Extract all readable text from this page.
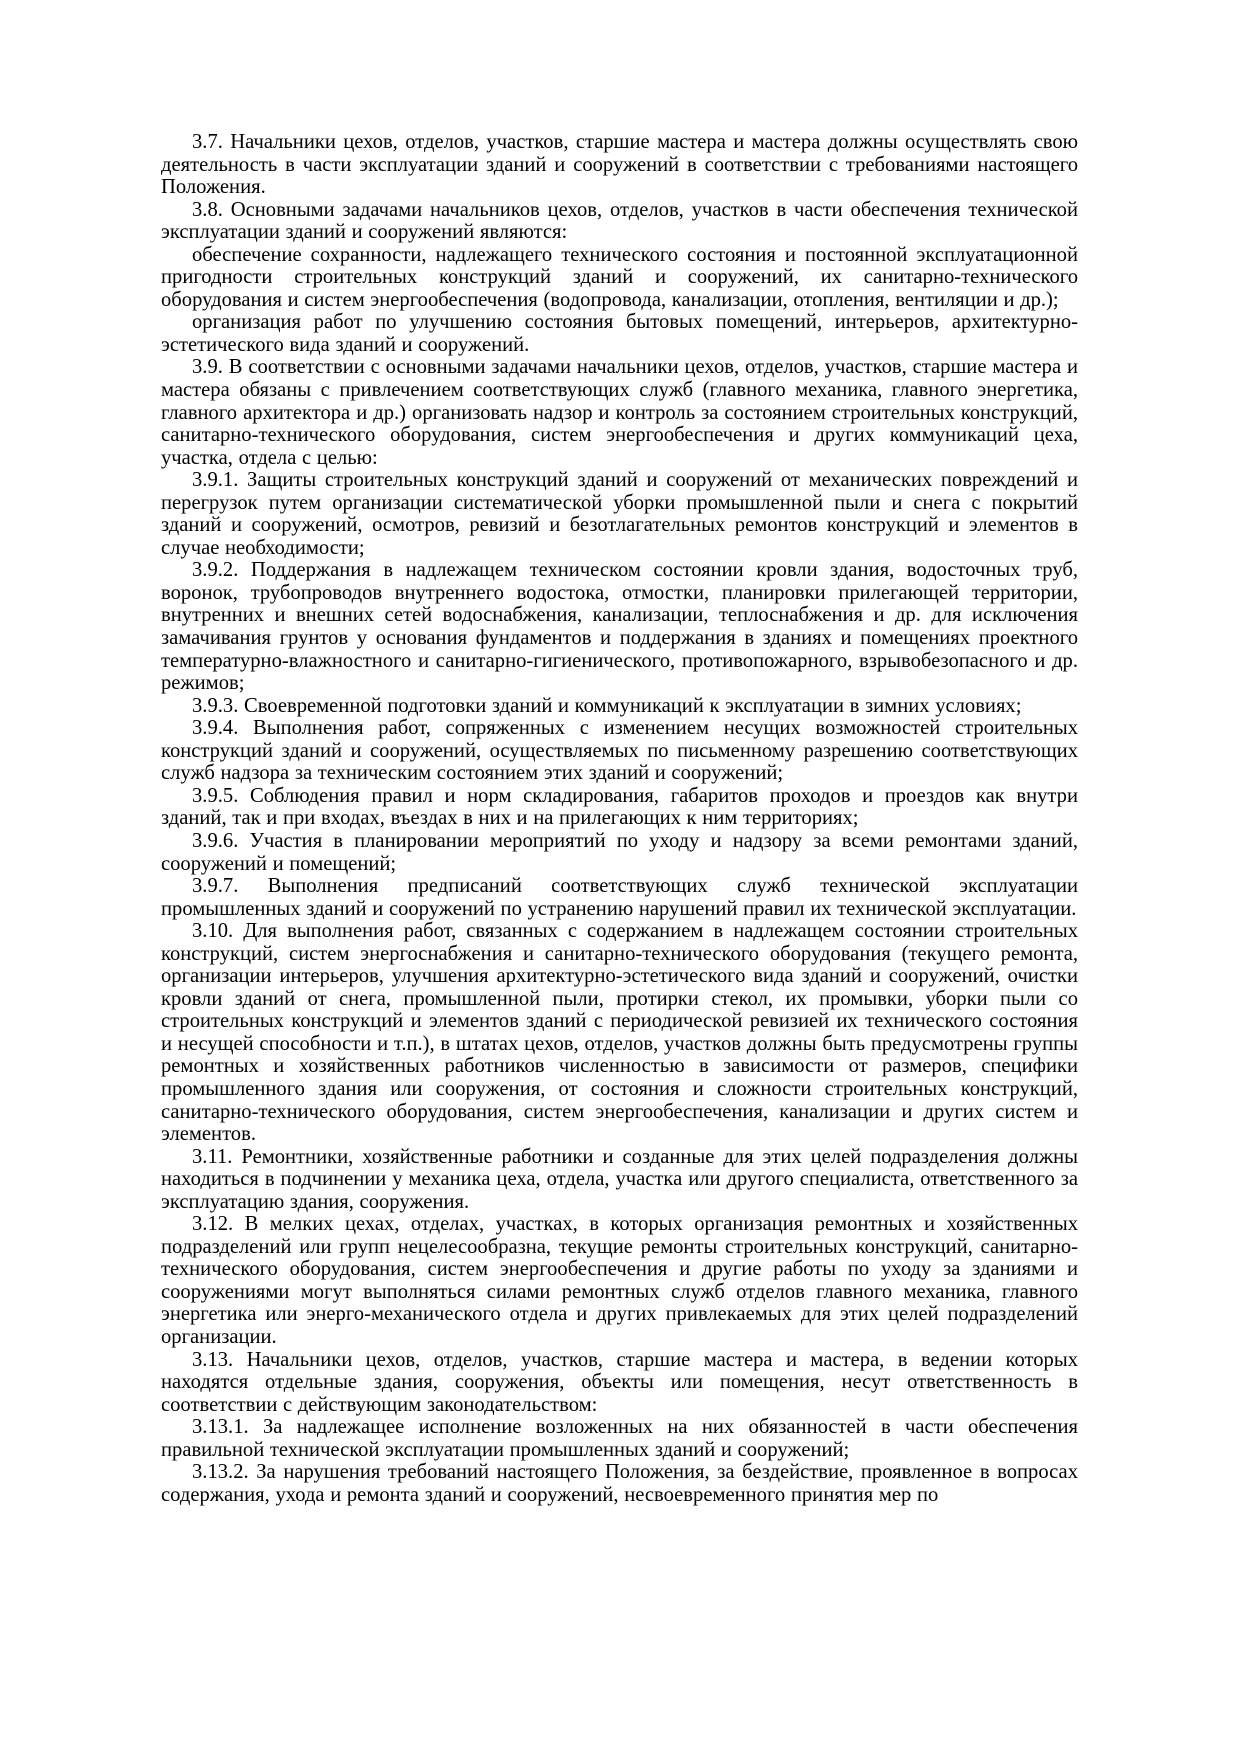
3.7. Начальники цехов, отделов, участков, старшие мастера и мастера должны осуществлять свою деятельность в части эксплуатации зданий и сооружений в соответствии с требованиями настоящего Положения.

3.8. Основными задачами начальников цехов, отделов, участков в части обеспечения технической эксплуатации зданий и сооружений являются:

обеспечение сохранности, надлежащего технического состояния и постоянной эксплуатационной пригодности строительных конструкций зданий и сооружений, их санитарно-технического оборудования и систем энергообеспечения (водопровода, канализации, отопления, вентиляции и др.);

организация работ по улучшению состояния бытовых помещений, интерьеров, архитектурно-эстетического вида зданий и сооружений.

3.9. В соответствии с основными задачами начальники цехов, отделов, участков, старшие мастера и мастера обязаны с привлечением соответствующих служб (главного механика, главного энергетика, главного архитектора и др.) организовать надзор и контроль за состоянием строительных конструкций, санитарно-технического оборудования, систем энергообеспечения и других коммуникаций цеха, участка, отдела с целью:

3.9.1. Защиты строительных конструкций зданий и сооружений от механических повреждений и перегрузок путем организации систематической уборки промышленной пыли и снега с покрытий зданий и сооружений, осмотров, ревизий и безотлагательных ремонтов конструкций и элементов в случае необходимости;

3.9.2. Поддержания в надлежащем техническом состоянии кровли здания, водосточных труб, воронок, трубопроводов внутреннего водостока, отмостки, планировки прилегающей территории, внутренних и внешних сетей водоснабжения, канализации, теплоснабжения и др. для исключения замачивания грунтов у основания фундаментов и поддержания в зданиях и помещениях проектного температурно-влажностного и санитарно-гигиенического, противопожарного, взрывобезопасного и др. режимов;

3.9.3. Своевременной подготовки зданий и коммуникаций к эксплуатации в зимних условиях;

3.9.4. Выполнения работ, сопряженных с изменением несущих возможностей строительных конструкций зданий и сооружений, осуществляемых по письменному разрешению соответствующих служб надзора за техническим состоянием этих зданий и сооружений;

3.9.5. Соблюдения правил и норм складирования, габаритов проходов и проездов как внутри зданий, так и при входах, въездах в них и на прилегающих к ним территориях;

3.9.6. Участия в планировании мероприятий по уходу и надзору за всеми ремонтами зданий, сооружений и помещений;

3.9.7. Выполнения предписаний соответствующих служб технической эксплуатации промышленных зданий и сооружений по устранению нарушений правил их технической эксплуатации.

3.10. Для выполнения работ, связанных с содержанием в надлежащем состоянии строительных конструкций, систем энергоснабжения и санитарно-технического оборудования (текущего ремонта, организации интерьеров, улучшения архитектурно-эстетического вида зданий и сооружений, очистки кровли зданий от снега, промышленной пыли, протирки стекол, их промывки, уборки пыли со строительных конструкций и элементов зданий с периодической ревизией их технического состояния и несущей способности и т.п.), в штатах цехов, отделов, участков должны быть предусмотрены группы ремонтных и хозяйственных работников численностью в зависимости от размеров, специфики промышленного здания или сооружения, от состояния и сложности строительных конструкций, санитарно-технического оборудования, систем энергообеспечения, канализации и других систем и элементов.

3.11. Ремонтники, хозяйственные работники и созданные для этих целей подразделения должны находиться в подчинении у механика цеха, отдела, участка или другого специалиста, ответственного за эксплуатацию здания, сооружения.

3.12. В мелких цехах, отделах, участках, в которых организация ремонтных и хозяйственных подразделений или групп нецелесообразна, текущие ремонты строительных конструкций, санитарно-технического оборудования, систем энергообеспечения и другие работы по уходу за зданиями и сооружениями могут выполняться силами ремонтных служб отделов главного механика, главного энергетика или энерго-механического отдела и других привлекаемых для этих целей подразделений организации.

3.13. Начальники цехов, отделов, участков, старшие мастера и мастера, в ведении которых находятся отдельные здания, сооружения, объекты или помещения, несут ответственность в соответствии с действующим законодательством:

3.13.1. За надлежащее исполнение возложенных на них обязанностей в части обеспечения правильной технической эксплуатации промышленных зданий и сооружений;

3.13.2. За нарушения требований настоящего Положения, за бездействие, проявленное в вопросах содержания, ухода и ремонта зданий и сооружений, несвоевременного принятия мер по
